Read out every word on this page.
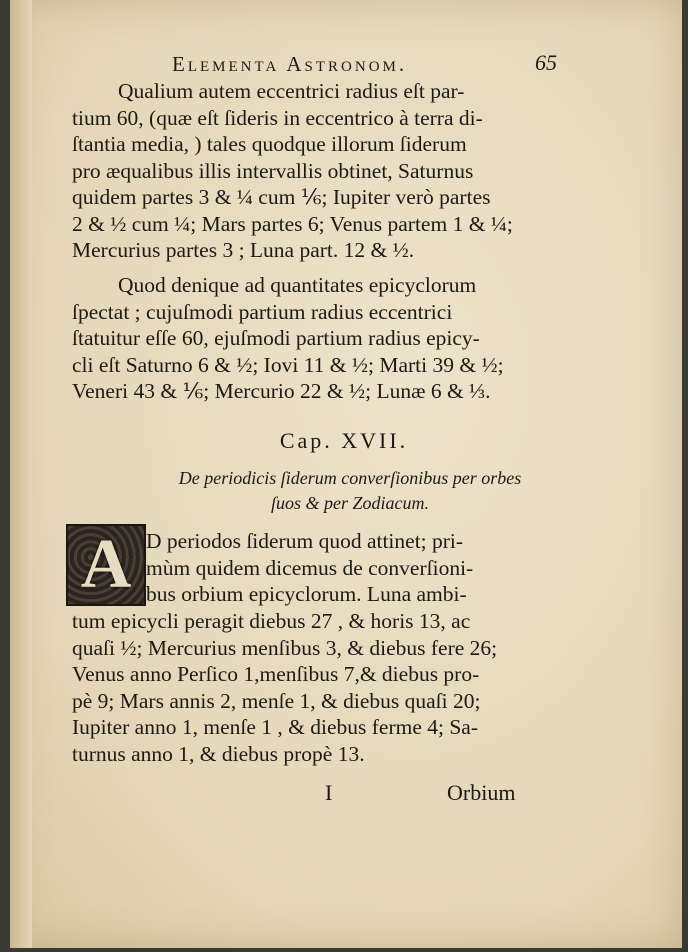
Elementa Astronom.	65
Qualium autem eccentrici radius eſt par-
tium 60, (quæ eſt ſideris in eccentrico à terra di-
ſtantia media, ) tales quodque illorum ſiderum
pro æqualibus illis intervallis obtinet, Saturnus
quidem partes 3 & ¼ cum ⅙; Iupiter verò partes
2 & ½ cum ¼; Mars partes 6; Venus partem 1 & ¼;
Mercurius partes 3 ; Luna part. 12 & ½.
Quod denique ad quantitates epicyclorum
ſpectat ; cujuſmodi partium radius eccentrici
ſtatuitur eſſe 60, ejuſmodi partium radius epicy-
cli eſt Saturno 6 & ½; Iovi 11 & ½; Marti 39 & ½;
Veneri 43 & ⅙; Mercurio 22 & ½; Lunæ 6 & ⅓.
Cap. XVII.
De periodicis ſiderum converſionibus per orbes
ſuos & per Zodiacum.
A D periodos ſiderum quod attinet; pri-
mùm quidem dicemus de converſioni-
bus orbium epicyclorum. Luna ambi-
tum epicycli peragit diebus 27 , & horis 13, ac
quaſi ½; Mercurius menſibus 3, & diebus fere 26;
Venus anno Perſico 1,menſibus 7,& diebus pro-
pè 9; Mars annis 2, menſe 1, & diebus quaſi 20;
Iupiter anno 1, menſe 1 , & diebus ferme 4; Sa-
turnus anno 1, & diebus propè 13.
I	Orbium
